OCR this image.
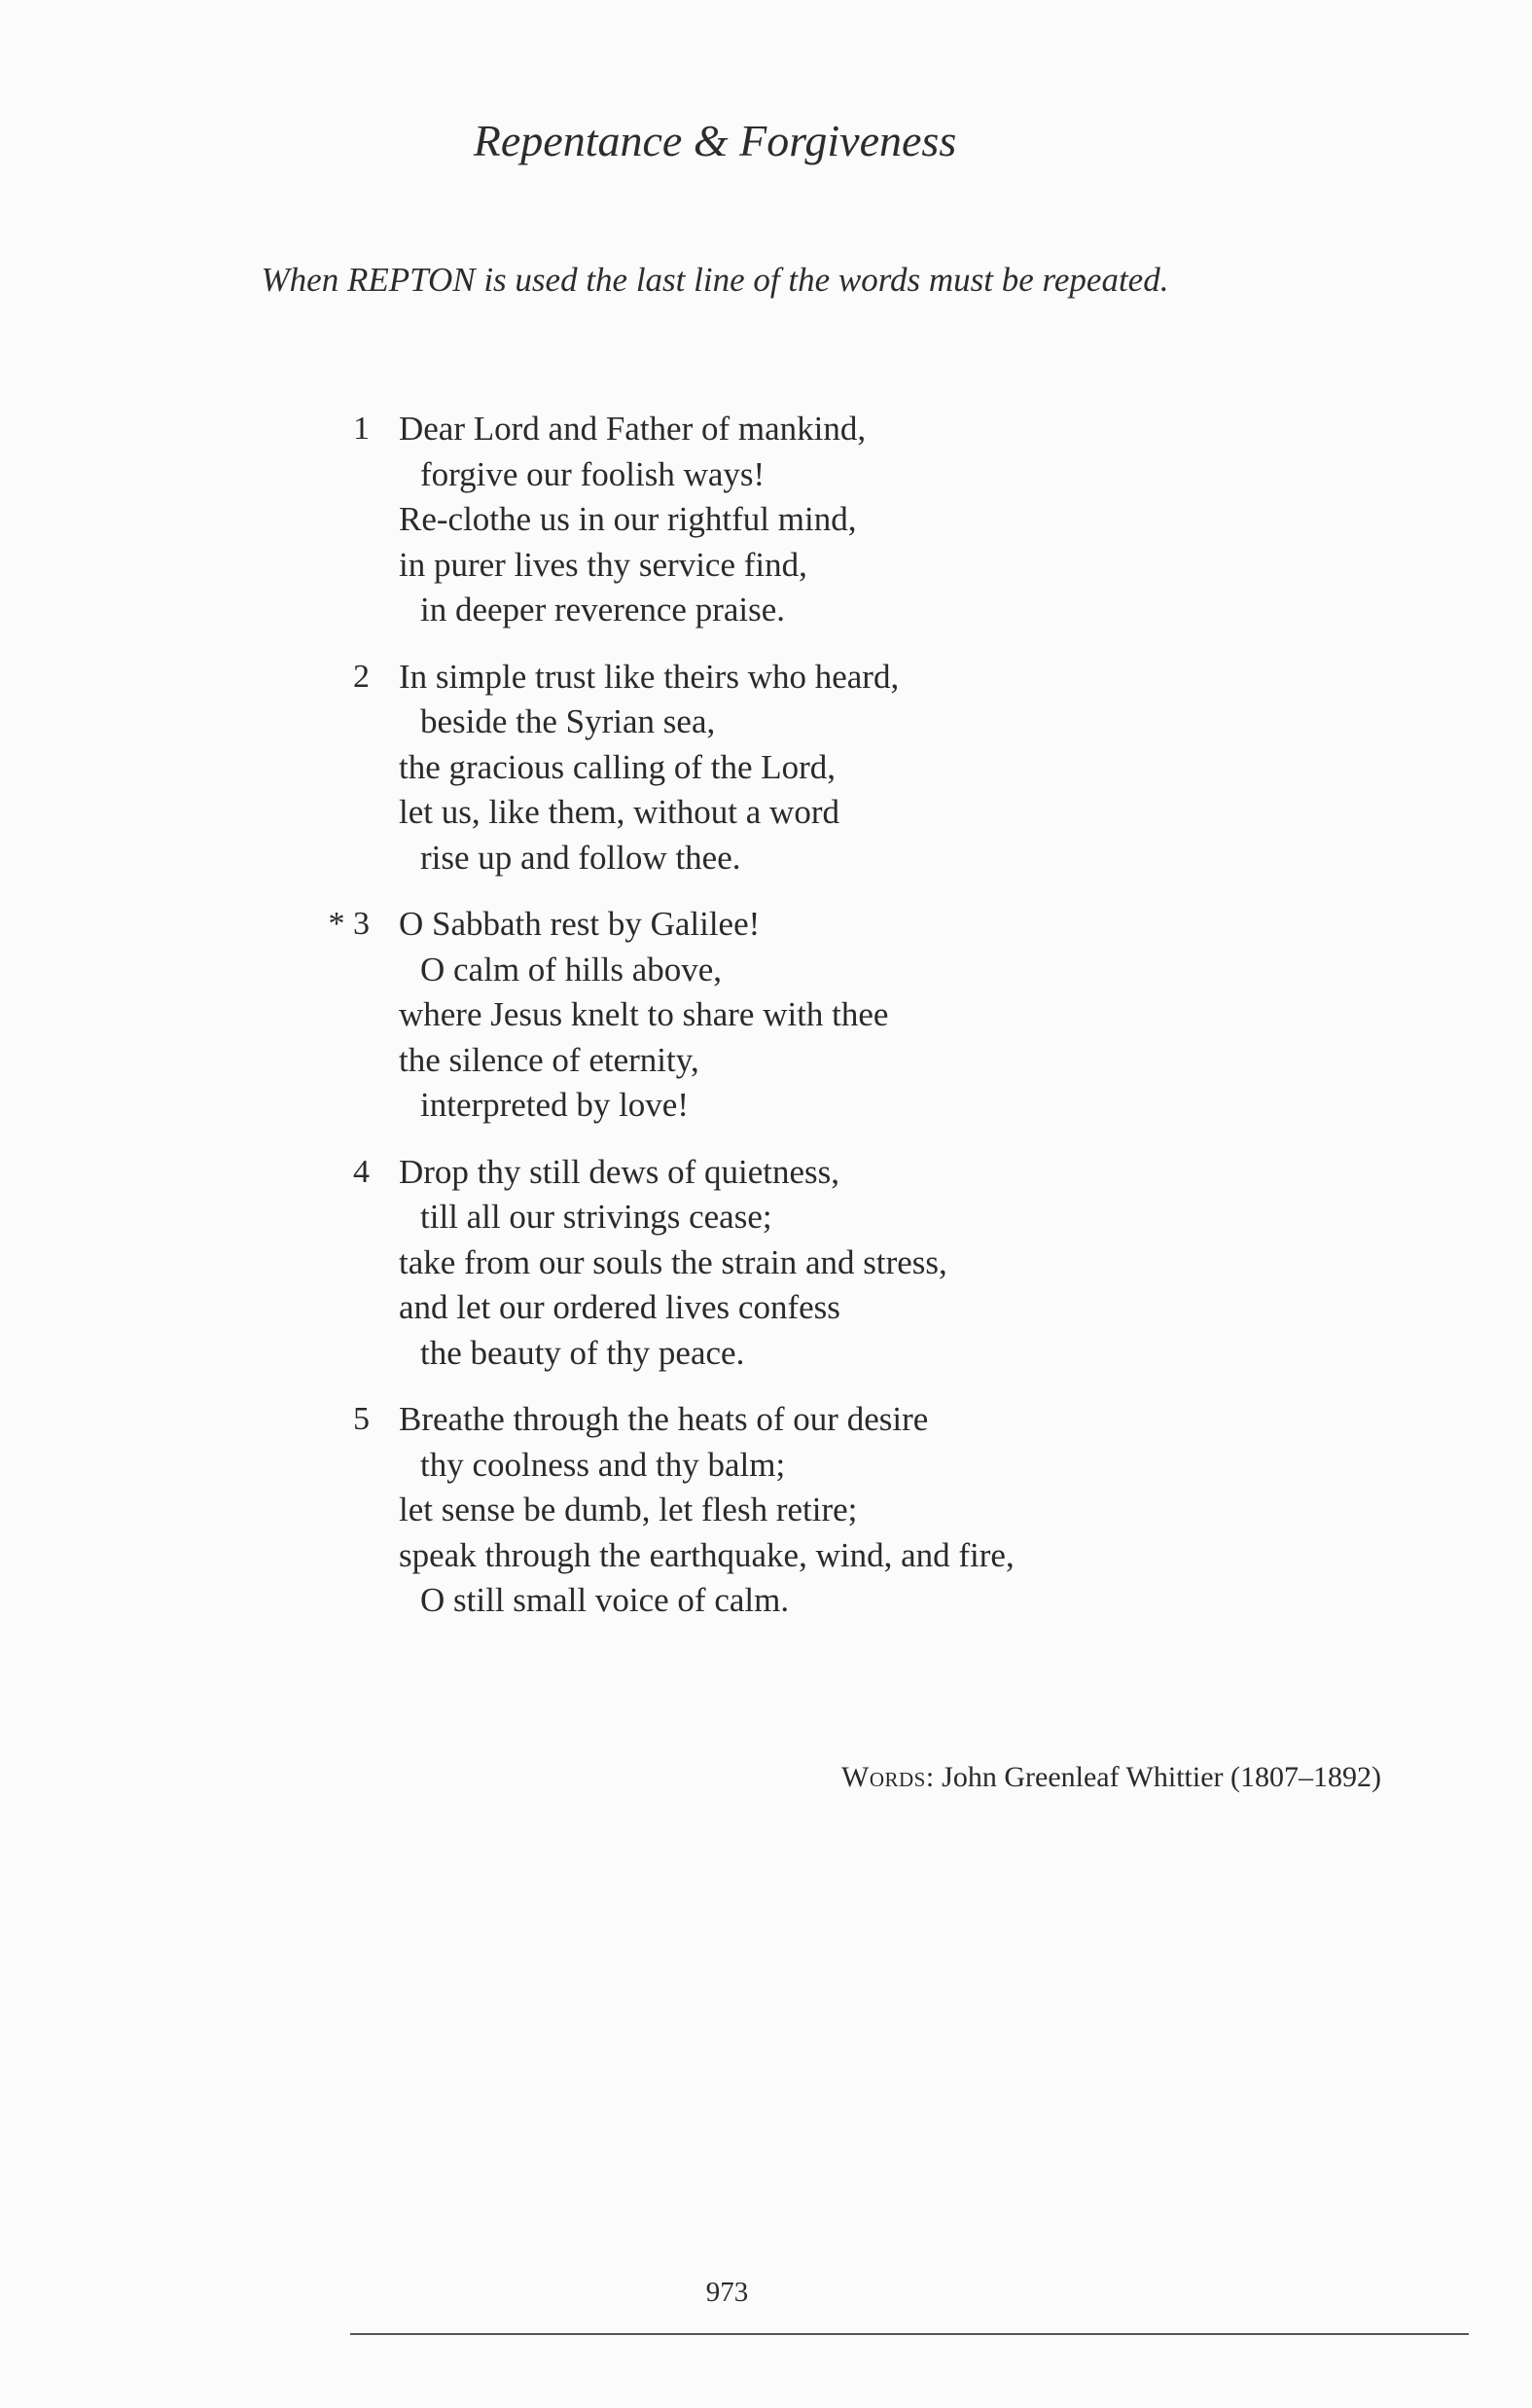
Repentance & Forgiveness

When REPTON is used the last line of the words must be repeated.

1 Dear Lord and Father of mankind,
forgive our foolish ways!
Re-clothe us in our rightful mind,
in purer lives thy service find,
in deeper reverence praise.
2 In simple trust like theirs who heard,
beside the Syrian sea,
the gracious calling of the Lord,
let us, like them, without a word
rise up and follow thee.
* 3 O Sabbath rest by Galilee!
O calm of hills above,
where Jesus knelt to share with thee
the silence of eternity,
interpreted by love!
4 Drop thy still dews of quietness,
till all our strivings cease;
take from our souls the strain and stress,
and let our ordered lives confess
the beauty of thy peace.
5 Breathe through the heats of our desire
thy coolness and thy balm;
let sense be dumb, let flesh retire;
speak through the earthquake, wind, and fire,
O still small voice of calm.
Words: John Greenleaf Whittier (1807–1892)
973
